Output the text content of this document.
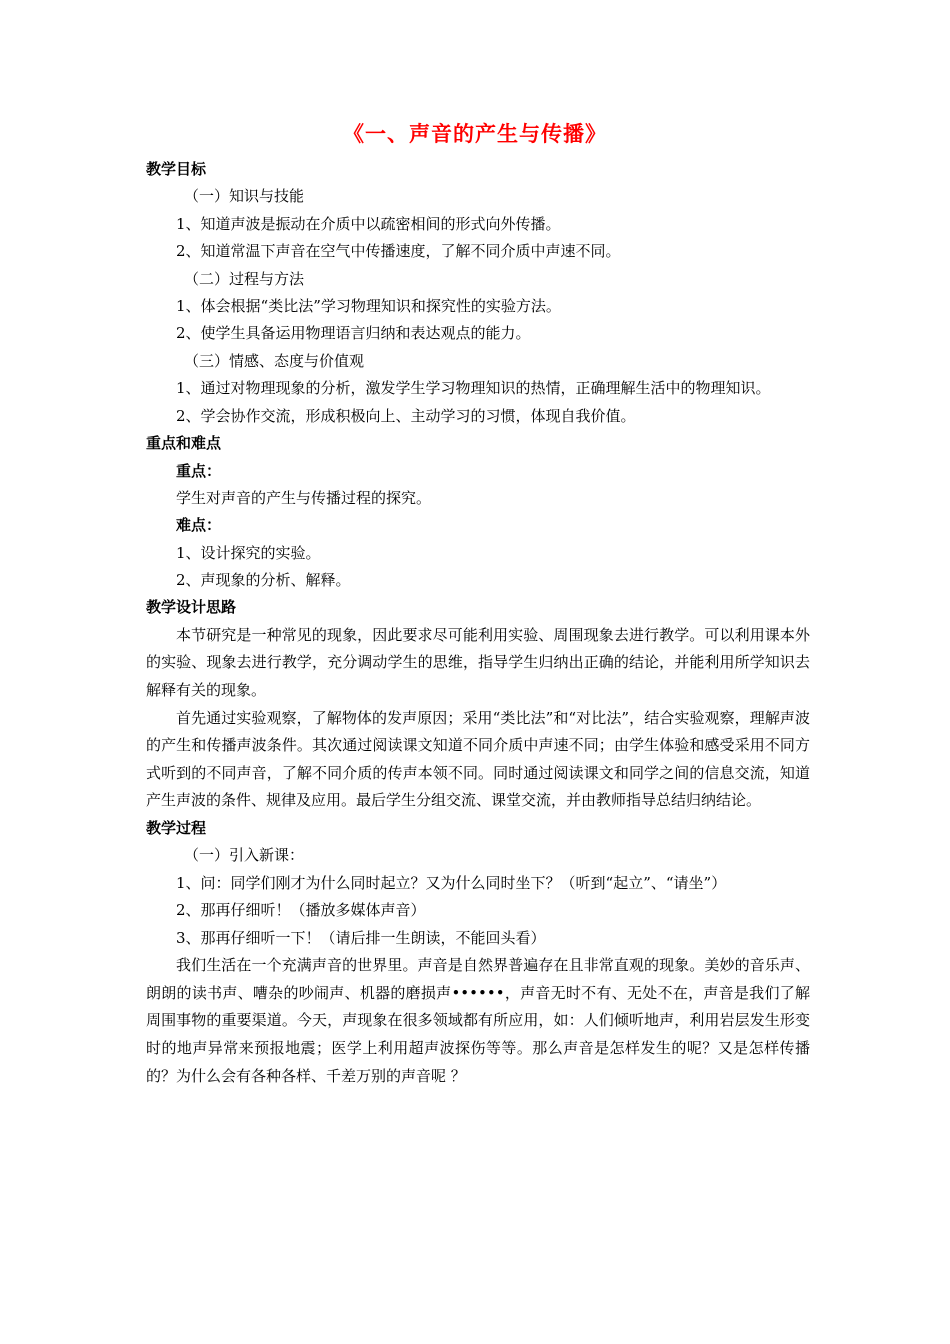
《一、声音的产生与传播》
教学目标
（一）知识与技能
1、知道声波是振动在介质中以疏密相间的形式向外传播。
2、知道常温下声音在空气中传播速度，了解不同介质中声速不同。
（二）过程与方法
1、体会根据“类比法”学习物理知识和探究性的实验方法。
2、使学生具备运用物理语言归纳和表达观点的能力。
（三）情感、态度与价值观
1、通过对物理现象的分析，激发学生学习物理知识的热情，正确理解生活中的物理知识。
2、学会协作交流，形成积极向上、主动学习的习惯，体现自我价值。
重点和难点
重点：
学生对声音的产生与传播过程的探究。
难点：
1、设计探究的实验。
2、声现象的分析、解释。
教学设计思路
本节研究是一种常见的现象，因此要求尽可能利用实验、周围现象去进行教学。可以利用课本外的实验、现象去进行教学，充分调动学生的思维，指导学生归纳出正确的结论，并能利用所学知识去解释有关的现象。
首先通过实验观察，了解物体的发声原因；采用“类比法”和“对比法”，结合实验观察，理解声波的产生和传播声波条件。其次通过阅读课文知道不同介质中声速不同；由学生体验和感受采用不同方式听到的不同声音，了解不同介质的传声本领不同。同时通过阅读课文和同学之间的信息交流，知道产生声波的条件、规律及应用。最后学生分组交流、课堂交流，并由教师指导总结归纳结论。
教学过程
（一）引入新课：
1、问：同学们刚才为什么同时起立？又为什么同时坐下？（听到“起立”、“请坐”）
2、那再仔细听！（播放多媒体声音）
3、那再仔细听一下！（请后排一生朗读，不能回头看）
我们生活在一个充满声音的世界里。声音是自然界普遍存在且非常直观的现象。美妙的音乐声、朗朗的读书声、嘈杂的吵闹声、机器的磨损声••••••，声音无时不有、无处不在，声音是我们了解周围事物的重要渠道。今天，声现象在很多领域都有所应用，如：人们倾听地声，利用岩层发生形变时的地声异常来预报地震；医学上利用超声波探伤等等。那么声音是怎样发生的呢？又是怎样传播的？为什么会有各种各样、千差万别的声音呢 ？
